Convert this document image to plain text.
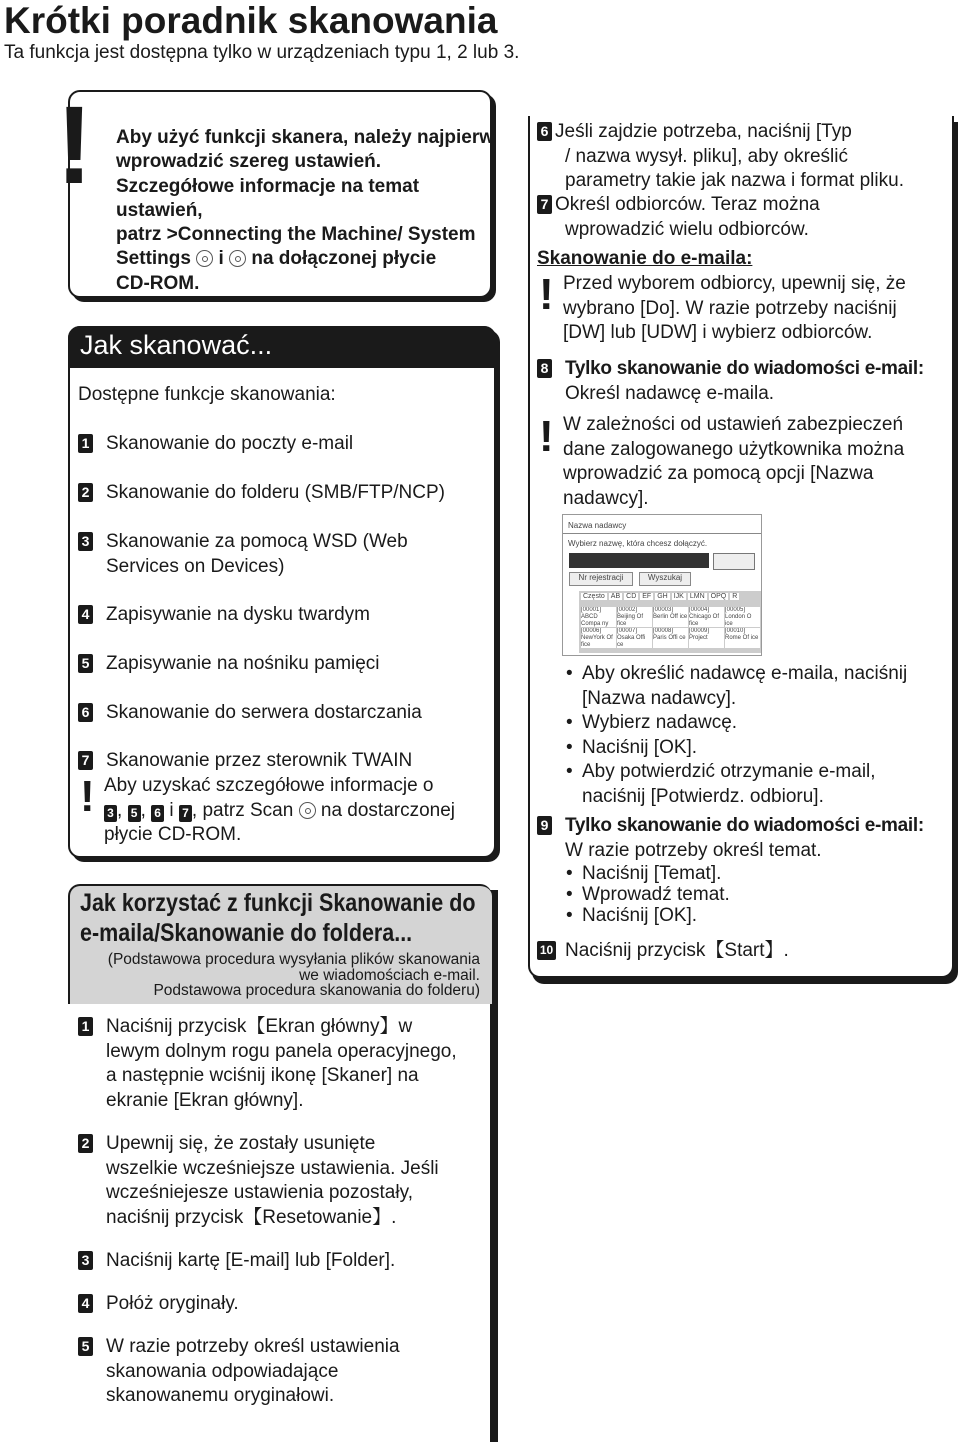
Krótki poradnik skanowania
Ta funkcja jest dostępna tylko w urządzeniach typu 1, 2 lub 3.
! Aby użyć funkcji skanera, należy najpierw
wprowadzić szereg ustawień.
Szczegółowe informacje na temat
ustawień,
patrz >Connecting the Machine/ System
Settings i na dołączonej płycie
CD-ROM.
Jak skanować...
Dostępne funkcje skanowania:
1 Skanowanie do poczty e-mail
2 Skanowanie do folderu (SMB/FTP/NCP)
3 Skanowanie za pomocą WSD (Web
Services on Devices)
4 Zapisywanie na dysku twardym
5 Zapisywanie na nośniku pamięci
6 Skanowanie do serwera dostarczania
7 Skanowanie przez sterownik TWAIN
! Aby uzyskać szczegółowe informacje o
3 , 5 , 6 i 7 , patrz Scan na dostarczonej
płycie CD-ROM.
Jak korzystać z funkcji Skanowanie do
e-maila/Skanowanie do foldera...
(Podstawowa procedura wysyłania plików skanowania
we wiadomościach e-mail.
Podstawowa procedura skanowania do folderu)
1 Naciśnij przycisk【Ekran główny】w
lewym dolnym rogu panela operacyjnego,
a następnie wciśnij ikonę [Skaner] na
ekranie [Ekran główny].
2 Upewnij się, że zostały usunięte
wszelkie wcześniejsze ustawienia. Jeśli
wcześniejesze ustawienia pozostały,
naciśnij przycisk【Resetowanie】.
3 Naciśnij kartę [E-mail] lub [Folder].
4 Połóż oryginały.
5 W razie potrzeby określ ustawienia
skanowania odpowiadające
skanowanemu oryginałowi.
6 Jeśli zajdzie potrzeba, naciśnij [Typ
/ nazwa wysył. pliku], aby określić
parametry takie jak nazwa i format pliku.
7 Określ odbiorców. Teraz można
wprowadzić wielu odbiorców.
Skanowanie do e-maila:
! Przed wyborem odbiorcy, upewnij się, że
wybrano [Do]. W razie potrzeby naciśnij
[DW] lub [UDW] i wybierz odbiorców.
8 Tylko skanowanie do wiadomości e-mail:
Określ nadawcę e-maila.
! W zależności od ustawień zabezpieczeń
dane zalogowanego użytkownika można
wprowadzić za pomocą opcji [Nazwa
nadawcy].
Nazwa nadawcy
Wybierz nazwę, która chcesz dołączyć.
Nr rejestracji	Wyszukaj
Często AB CD EF GH IJK LMN OPQ R
[00001] ABCD Compa ny
[00002] Beijing Of fice
[00003] Berlin Off ice
[00004] Chicago Of fice
[00005] London O ice
[00006] NewYork Of fice
[00007] Osaka Offi ce
[00008] Paris Offi ce
[00009] Project
[00010] Rome Of ice
• Aby określić nadawcę e-maila, naciśnij
[Nazwa nadawcy].
• Wybierz nadawcę.
• Naciśnij [OK].
• Aby potwierdzić otrzymanie e-mail,
naciśnij [Potwierdz. odbioru].
9 Tylko skanowanie do wiadomości e-mail:
W razie potrzeby określ temat.
• Naciśnij [Temat].
• Wprowadź temat.
• Naciśnij [OK].
10 Naciśnij przycisk【Start】.
